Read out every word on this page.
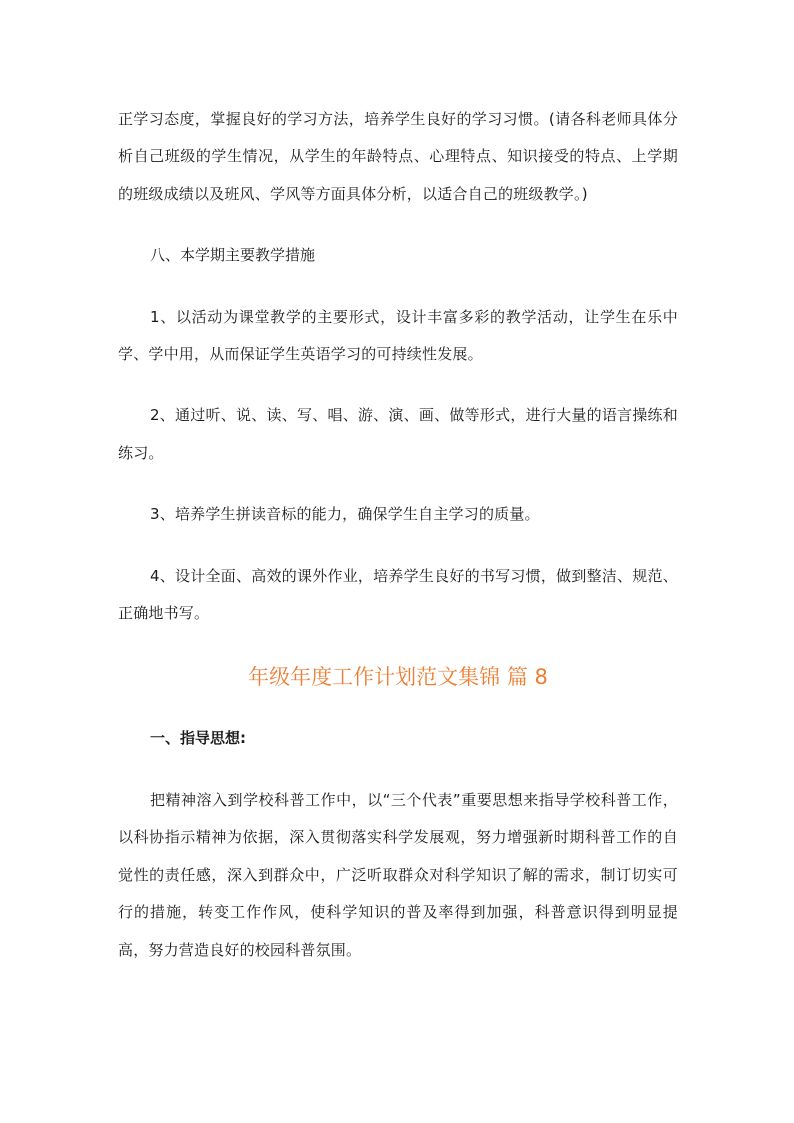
正学习态度，掌握良好的学习方法，培养学生良好的学习习惯。(请各科老师具体分析自己班级的学生情况，从学生的年龄特点、心理特点、知识接受的特点、上学期的班级成绩以及班风、学风等方面具体分析，以适合自己的班级教学。)

八、本学期主要教学措施

1、以活动为课堂教学的主要形式，设计丰富多彩的教学活动，让学生在乐中学、学中用，从而保证学生英语学习的可持续性发展。

2、通过听、说、读、写、唱、游、演、画、做等形式，进行大量的语言操练和练习。

3、培养学生拼读音标的能力，确保学生自主学习的质量。

4、设计全面、高效的课外作业，培养学生良好的书写习惯，做到整洁、规范、正确地书写。

年级年度工作计划范文集锦 篇 8

一、指导思想:

把精神溶入到学校科普工作中，以“三个代表”重要思想来指导学校科普工作，以科协指示精神为依据，深入贯彻落实科学发展观，努力增强新时期科普工作的自觉性的责任感，深入到群众中，广泛听取群众对科学知识了解的需求，制订切实可行的措施，转变工作作风，使科学知识的普及率得到加强，科普意识得到明显提高，努力营造良好的校园科普氛围。
